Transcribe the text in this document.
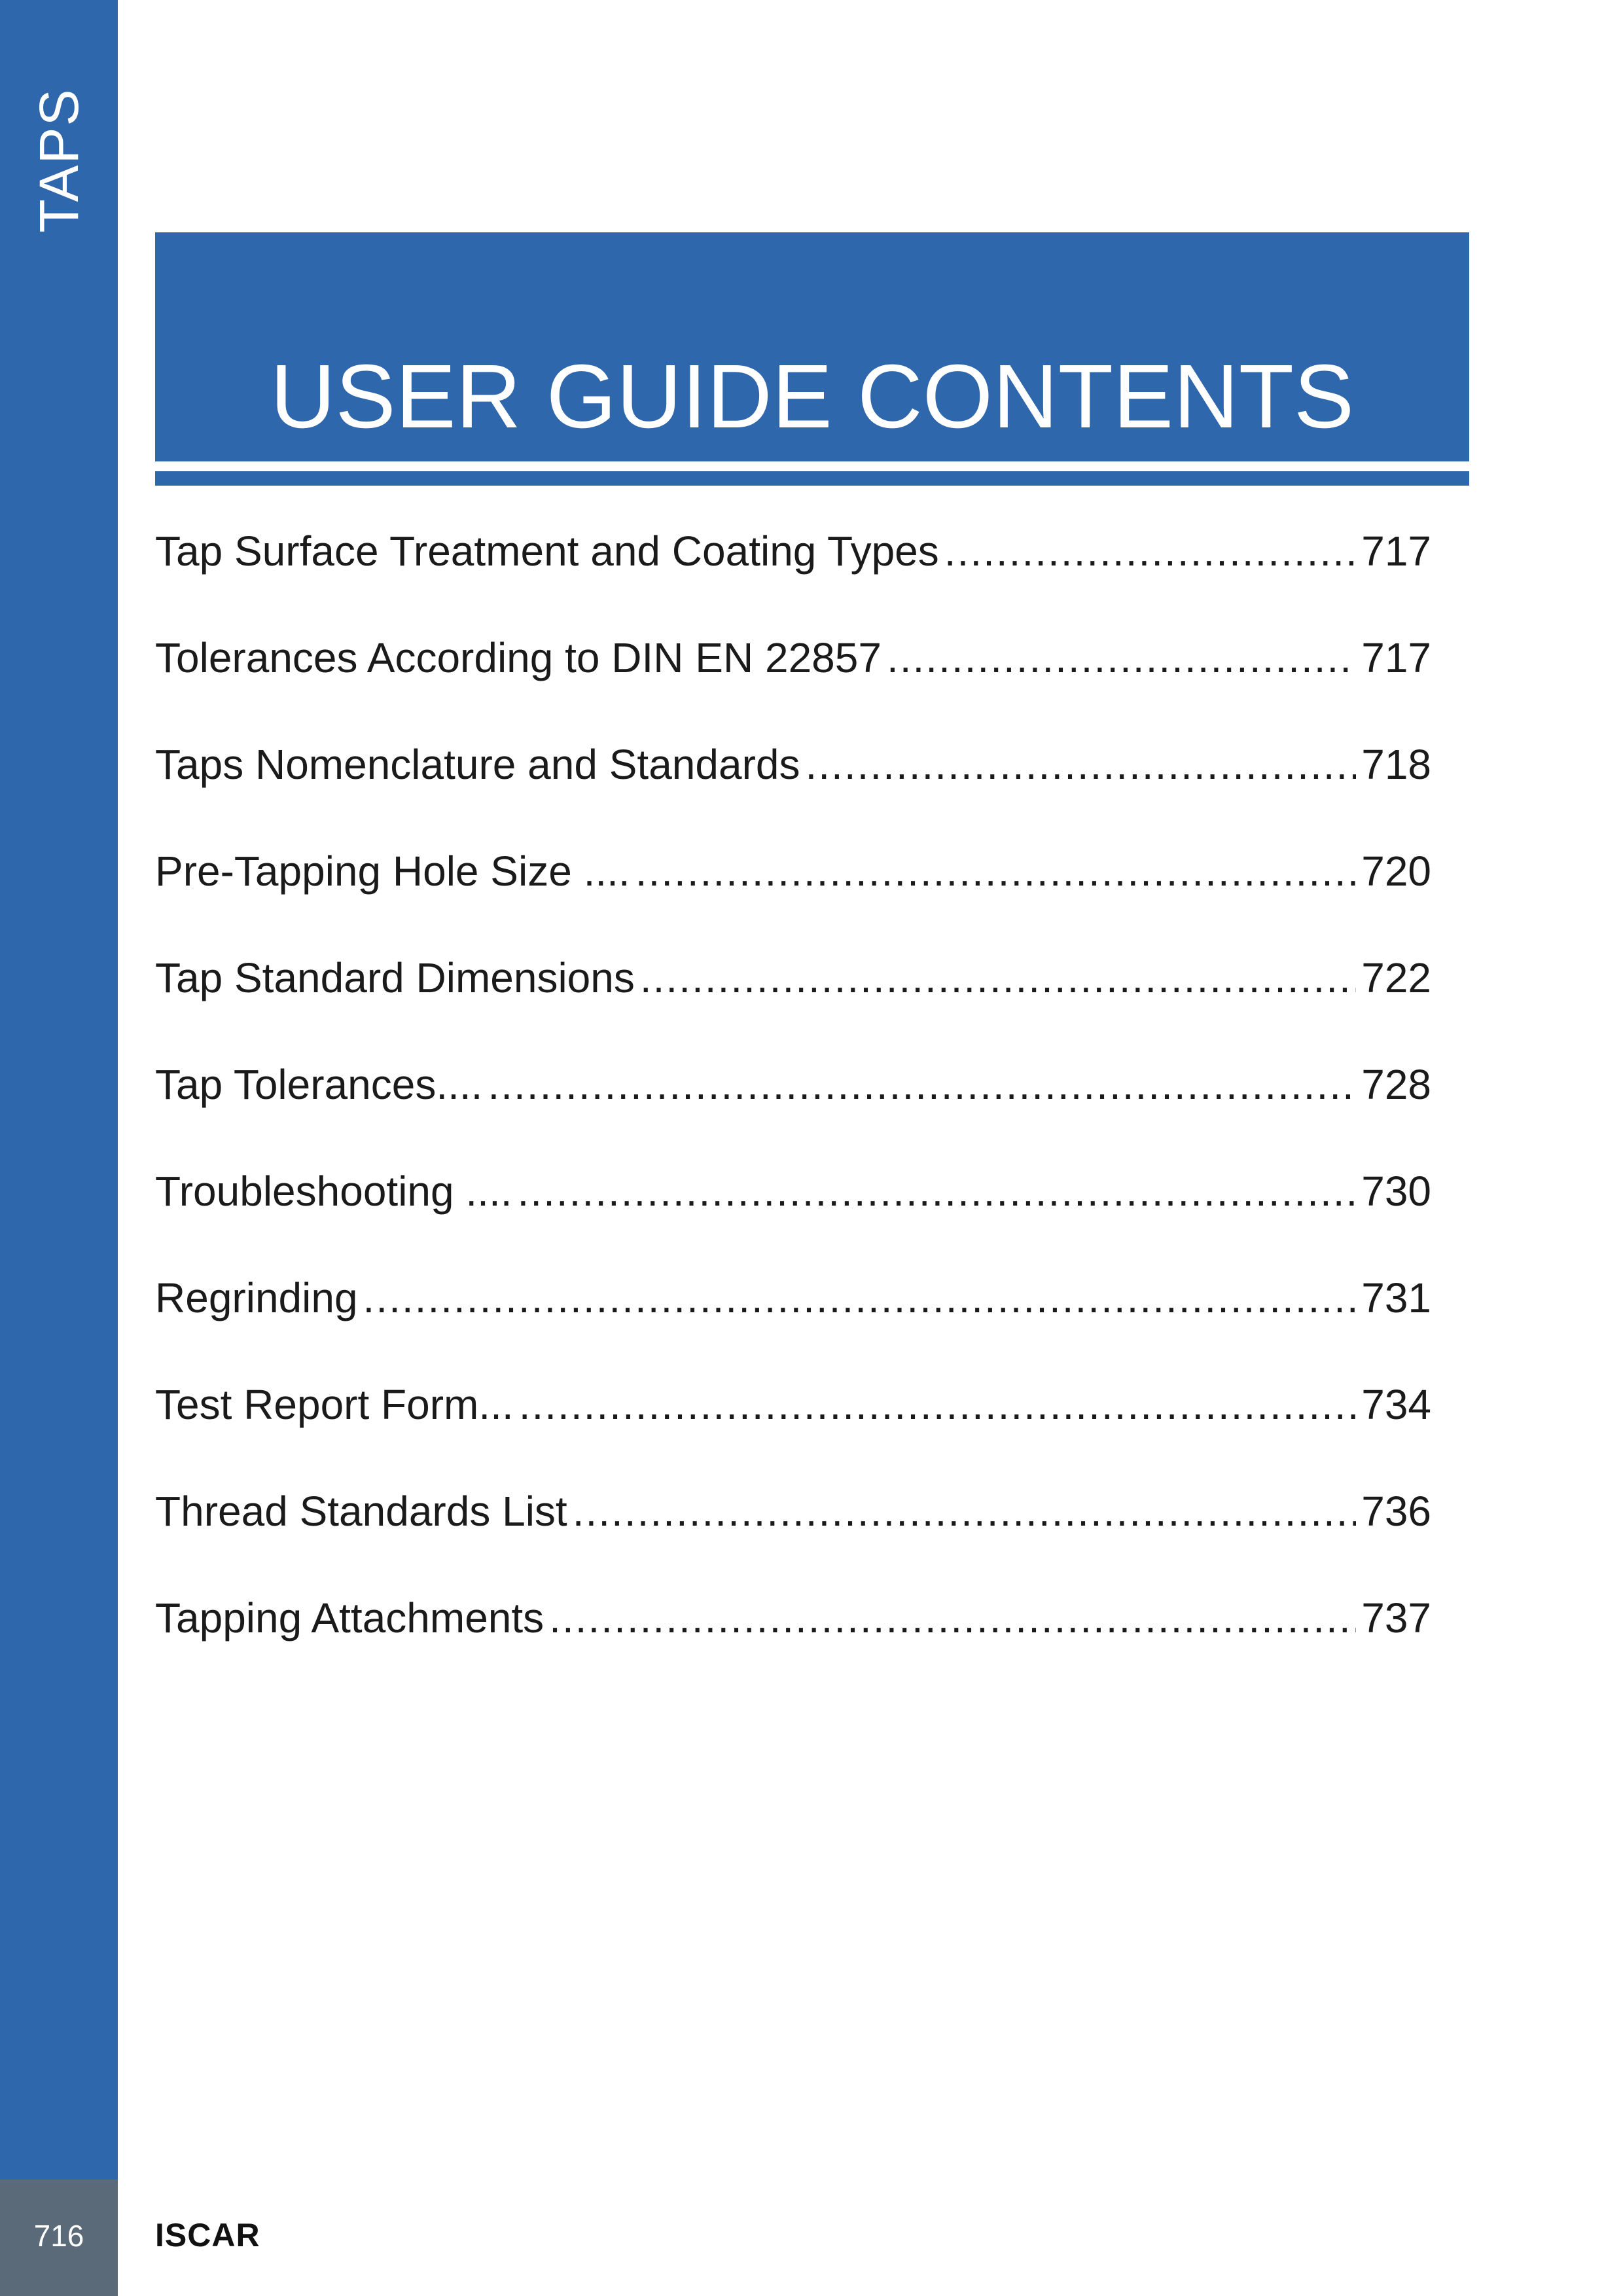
TAPS
USER GUIDE CONTENTS
Tap Surface Treatment and Coating Types .....	717
Tolerances According to DIN EN 22857 .....	717
Taps Nomenclature and Standards .....	718
Pre-Tapping Hole Size .... .....	720
Tap Standard Dimensions .....	722
Tap Tolerances.... .....	728
Troubleshooting .... .....	730
Regrinding .....	731
Test Report Form... .....	734
Thread Standards List .....	736
Tapping Attachments .....	737
716	ISCAR
